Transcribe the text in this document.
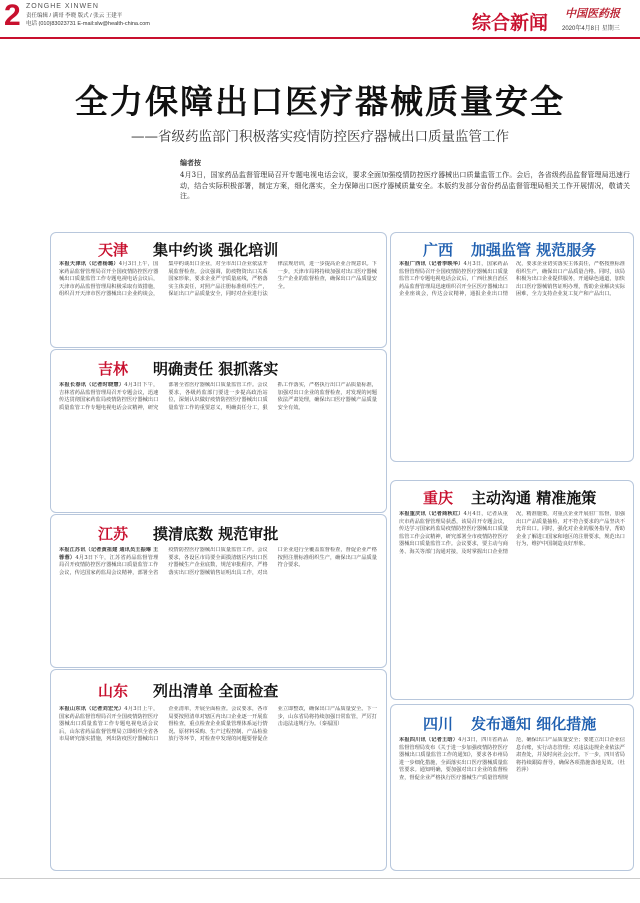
2 ZONGHE XINWEN
责任编辑 / 满哥 李晓 版式 / 张云 王建平
电话 (010)83023731 E-mail:slw@health-china.com	综合新闻 中国医药报
2020年4月8日 星期三
全力保障出口医疗器械质量安全
——省级药监部门积极落实疫情防控医疗器械出口质量监管工作
编者按
4月3日，国家药品监督管理局召开专题电视电话会议，要求全面加强疫情防控医疗器械出口质量监管工作。会后，各省级药品监督管理局迅速行动，结合实际积极部署，制定方案，细化落实，全力保障出口医疗器械质量安全。本版约发部分省份药品监督管理局相关工作开展情况，敬请关注。
天津 集中约谈 强化培训
本报天津讯（记者杨璐）4月3日上午，国家药品监督管理局召开全国疫情防控医疗器械出口质量监管工作专题电视电话会议后，天津市药品监督管理局积极采取有效措施，组织召开天津市医疗器械出口企业约谈会，集中约谈出口企业，对全市出口企业依法开展监督检查。会议强调，防疫物资出口关系国家形象，要求企业严守质量底线，严格落实主体责任，对照产品注册标准组织生产，保证出口产品质量安全，同时对企业进行法律法规培训，进一步提高企业合规意识。下一步，天津市局将持续加强对出口医疗器械生产企业的监督检查，确保出口产品质量安全。
吉林 明确责任 狠抓落实
本报长春讯（记者时晓慧）4月3日下午，吉林省药品监督管理局召开专题会议，迅速传达贯彻国家药监局疫情防控医疗器械出口质量监管工作专题电视电话会议精神，研究部署全省医疗器械出口质量监管工作。会议要求，各级药监部门要进一步提高政治站位，深刻认识做好疫情防控医疗器械出口质量监管工作的重要意义，明确责任分工，狠抓工作落实，严格执行出口产品质量标准，加强对出口企业的监督检查，对发现的问题依法严肃处理，确保出口医疗器械产品质量安全有效。
江苏 摸清底数 规范审批
本报江苏讯（记者黄祖建 通讯员王振琳 王蓉蓉）4月3日下午，江苏省药品监督管理局召开疫情防控医疗器械出口质量监管工作会议，传达国家药监局会议精神，部署全省疫情防控医疗器械出口质量监管工作。会议要求，各设区市局要全面摸清辖区内出口医疗器械生产企业底数，规范审批程序，严格落实出口医疗器械销售证明出具工作，对出口企业进行全覆盖监督检查，督促企业严格按照注册标准组织生产，确保出口产品质量符合要求。
山东 列出清单 全面检查
本报山东讯（记者刘宏光）4月3日上午，国家药品监督管理局召开全国疫情防控医疗器械出口质量监管工作专题电视电话会议后，山东省药品监督管理局立即组织全省各市局研究落实措施，列出防疫医疗器械出口企业清单，开展全面检查。会议要求，各市局要按照清单对辖区内出口企业逐一开展监督检查，重点检查企业质量管理体系运行情况、原材料采购、生产过程控制、产品检验放行等环节，对检查中发现的问题要督促企业立即整改，确保出口产品质量安全。下一步，山东省局将持续加强日常监管，严厉打击违法违规行为。（秦福国）
广西 加强监管 规范服务
本报广西讯（记者李映华）4月3日，国家药品监督管理局召开全国疫情防控医疗器械出口质量监管工作专题电视电话会议后，广西壮族自治区药品监督管理局迅速组织召开全区医疗器械出口企业座谈会，传达会议精神，通报企业出口情况，要求企业切实落实主体责任，严格按照标准组织生产，确保出口产品质量合格。同时，该局积极为出口企业提供服务，开通绿色通道，加快出口医疗器械销售证明办理，帮助企业解决实际困难，全力支持企业复工复产和产品出口。
重庆 主动沟通 精准施策
本报重庆讯（记者商秋红）4月4日，记者从重庆市药品监督管理局获悉，该局召开专题会议，传达学习国家药监局疫情防控医疗器械出口质量监管工作会议精神，研究部署全市疫情防控医疗器械出口质量监管工作。会议要求，要主动与商务、海关等部门沟通对接，及时掌握出口企业情况，精准施策，对重点企业开展驻厂监督，加强出口产品质量抽检，对不符合要求的产品坚决不允许出口。同时，强化对企业的服务指导，帮助企业了解进口国家和地区的注册要求，规范出口行为，维护中国制造良好形象。
四川 发布通知 细化措施
本报四川讯（记者王晗）4月3日，四川省药品监督管理局发布《关于进一步加强疫情防控医疗器械出口质量监管工作的通知》，要求各市州局进一步细化措施，全面落实出口医疗器械质量监管要求。通知明确，要加强对出口企业的监督检查，督促企业严格执行医疗器械生产质量管理规范，确保出口产品质量安全；要建立出口企业信息台账，实行动态管理；对违法违规企业依法严肃查处，并及时向社会公开。下一步，四川省局将持续跟踪督导，确保各项措施落地见效。（杜若萍）
